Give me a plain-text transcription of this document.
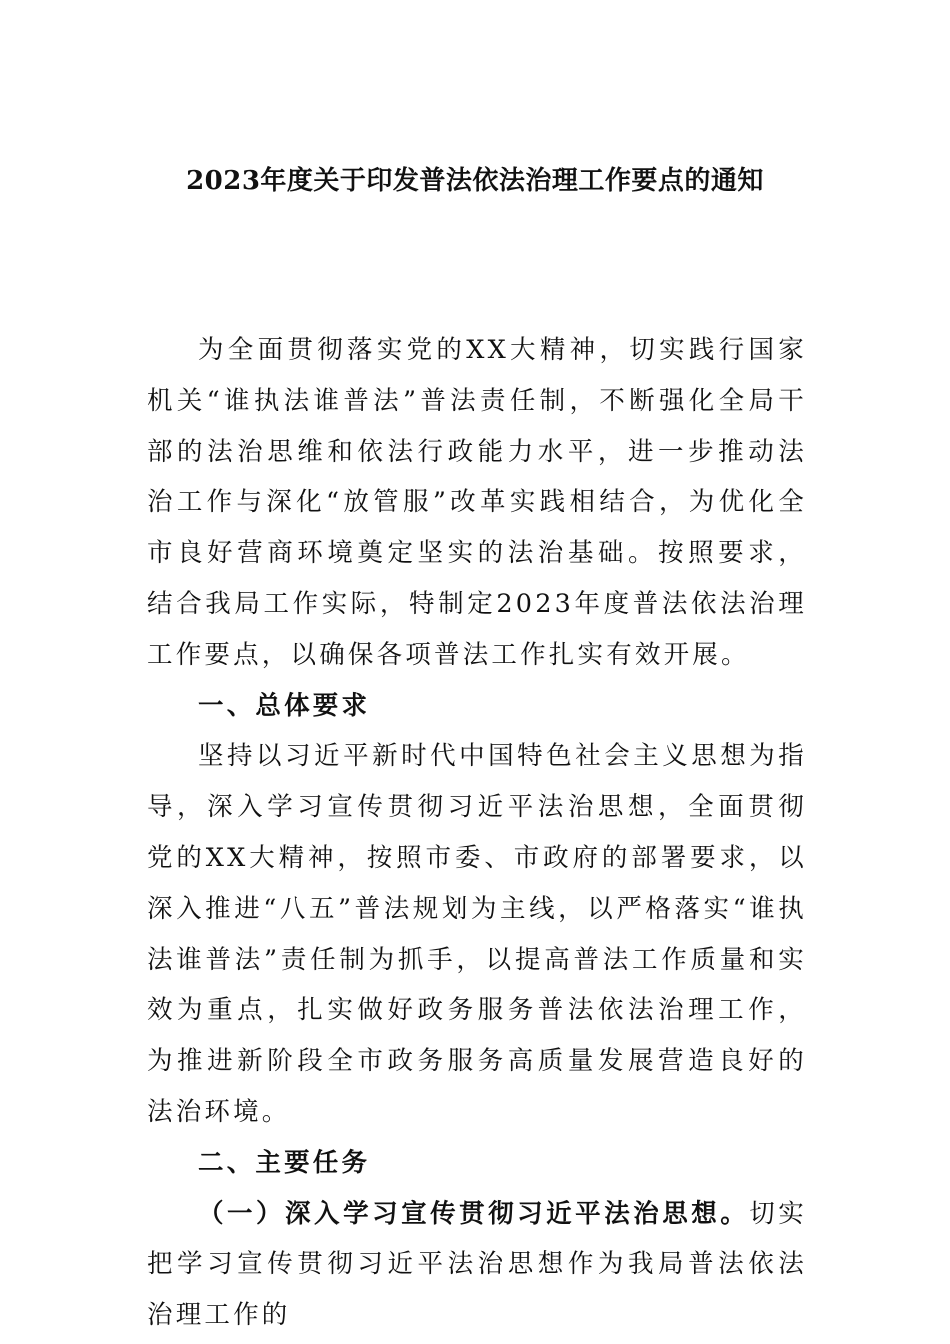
2023年度关于印发普法依法治理工作要点的通知

为全面贯彻落实党的XX大精神，切实践行国家机关“谁执法谁普法”普法责任制，不断强化全局干部的法治思维和依法行政能力水平，进一步推动法治工作与深化“放管服”改革实践相结合，为优化全市良好营商环境奠定坚实的法治基础。按照要求，结合我局工作实际，特制定2023年度普法依法治理工作要点，以确保各项普法工作扎实有效开展。

一、总体要求

坚持以习近平新时代中国特色社会主义思想为指导，深入学习宣传贯彻习近平法治思想，全面贯彻党的XX大精神，按照市委、市政府的部署要求，以深入推进“八五”普法规划为主线，以严格落实“谁执法谁普法”责任制为抓手，以提高普法工作质量和实效为重点，扎实做好政务服务普法依法治理工作，为推进新阶段全市政务服务高质量发展营造良好的法治环境。

二、主要任务

（一）深入学习宣传贯彻习近平法治思想。切实把学习宣传贯彻习近平法治思想作为我局普法依法治理工作的
